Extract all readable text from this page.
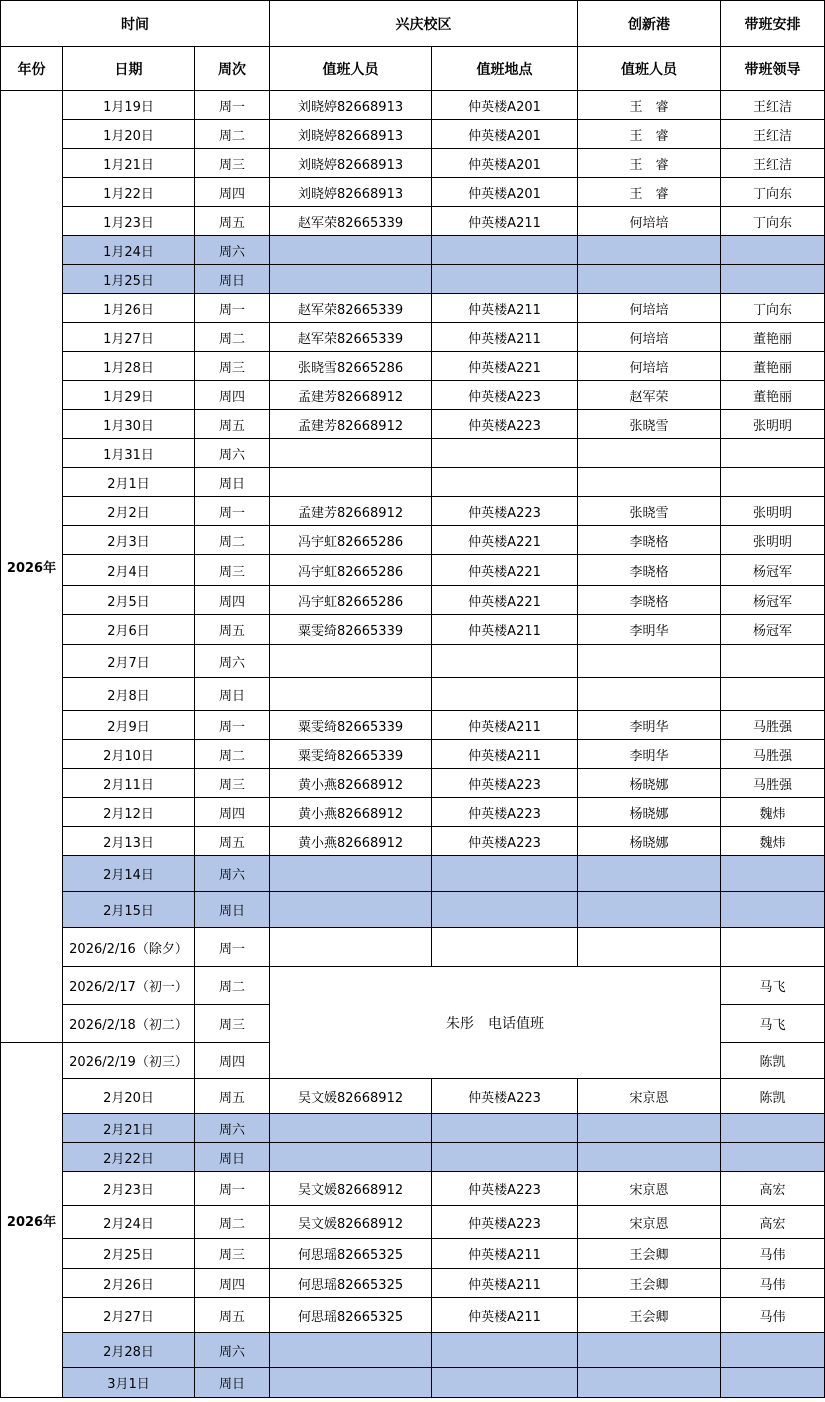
时间			兴庆校区		创新港	带班安排
年份	日期	周次	值班人员	值班地点	值班人员	带班领导
2026年	1月19日	周一	刘晓婷82668913	仲英楼A201	王　睿	王红洁
	1月20日	周二	刘晓婷82668913	仲英楼A201	王　睿	王红洁
	1月21日	周三	刘晓婷82668913	仲英楼A201	王　睿	王红洁
	1月22日	周四	刘晓婷82668913	仲英楼A201	王　睿	丁向东
	1月23日	周五	赵军荣82665339	仲英楼A211	何培培	丁向东
	1月24日	周六				
	1月25日	周日				
	1月26日	周一	赵军荣82665339	仲英楼A211	何培培	丁向东
	1月27日	周二	赵军荣82665339	仲英楼A211	何培培	董艳丽
	1月28日	周三	张晓雪82665286	仲英楼A221	何培培	董艳丽
	1月29日	周四	孟建芳82668912	仲英楼A223	赵军荣	董艳丽
	1月30日	周五	孟建芳82668912	仲英楼A223	张晓雪	张明明
	1月31日	周六				
	2月1日	周日				
	2月2日	周一	孟建芳82668912	仲英楼A223	张晓雪	张明明
	2月3日	周二	冯宇虹82665286	仲英楼A221	李晓格	张明明
	2月4日	周三	冯宇虹82665286	仲英楼A221	李晓格	杨冠军
	2月5日	周四	冯宇虹82665286	仲英楼A221	李晓格	杨冠军
	2月6日	周五	粟雯绮82665339	仲英楼A211	李明华	杨冠军
	2月7日	周六				
	2月8日	周日				
	2月9日	周一	粟雯绮82665339	仲英楼A211	李明华	马胜强
	2月10日	周二	粟雯绮82665339	仲英楼A211	李明华	马胜强
	2月11日	周三	黄小燕82668912	仲英楼A223	杨晓娜	马胜强
	2月12日	周四	黄小燕82668912	仲英楼A223	杨晓娜	魏炜
	2月13日	周五	黄小燕82668912	仲英楼A223	杨晓娜	魏炜
	2月14日	周六				
	2月15日	周日				
	2026/2/16（除夕）	周一				
	2026/2/17（初一）	周二	朱彤　电话值班			马飞
	2026/2/18（初二）	周三				马飞
2026年	2026/2/19（初三）	周四				陈凯
	2月20日	周五	吴文媛82668912	仲英楼A223	宋京恩	陈凯
	2月21日	周六				
	2月22日	周日				
	2月23日	周一	吴文媛82668912	仲英楼A223	宋京恩	高宏
	2月24日	周二	吴文媛82668912	仲英楼A223	宋京恩	高宏
	2月25日	周三	何思瑶82665325	仲英楼A211	王会卿	马伟
	2月26日	周四	何思瑶82665325	仲英楼A211	王会卿	马伟
	2月27日	周五	何思瑶82665325	仲英楼A211	王会卿	马伟
	2月28日	周六				
	3月1日	周日				
